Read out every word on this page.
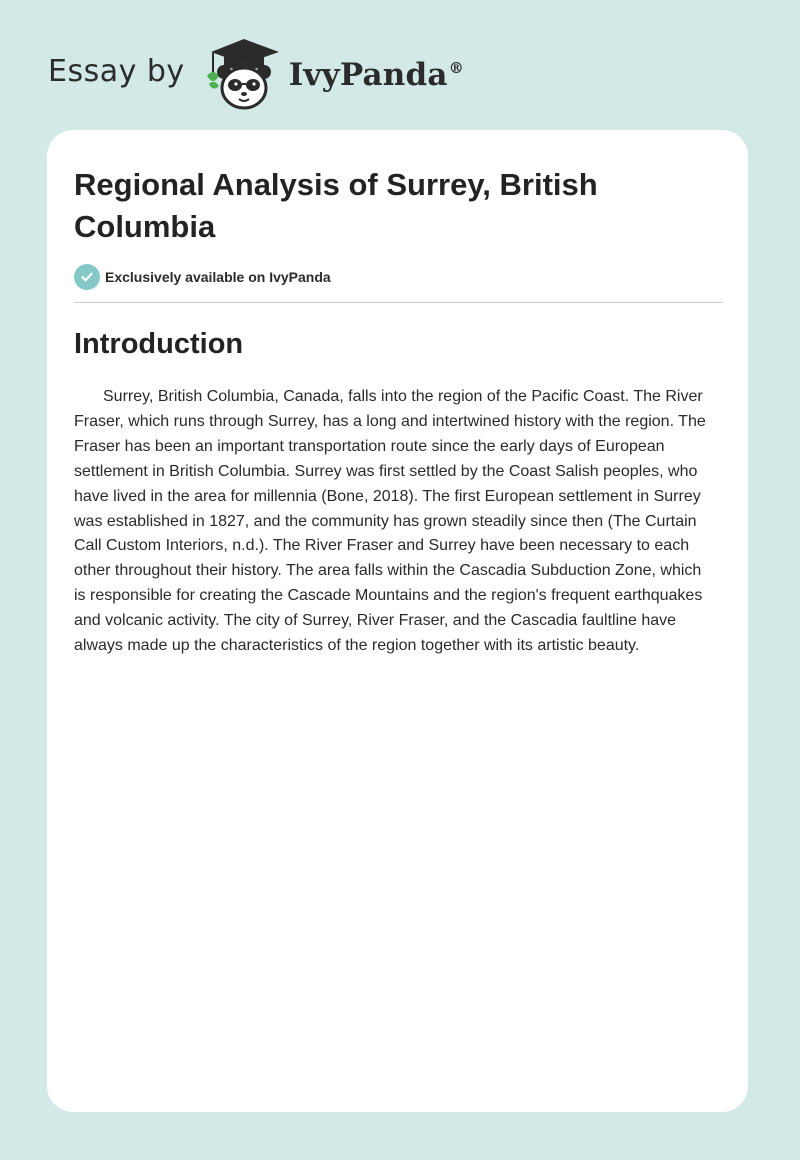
Essay by	IvyPanda®
Regional Analysis of Surrey, British Columbia
Exclusively available on IvyPanda
Introduction

Surrey, British Columbia, Canada, falls into the region of the Pacific Coast. The River Fraser, which runs through Surrey, has a long and intertwined history with the region. The Fraser has been an important transportation route since the early days of European settlement in British Columbia. Surrey was first settled by the Coast Salish peoples, who have lived in the area for millennia (Bone, 2018). The first European settlement in Surrey was established in 1827, and the community has grown steadily since then (The Curtain Call Custom Interiors, n.d.). The River Fraser and Surrey have been necessary to each other throughout their history. The area falls within the Cascadia Subduction Zone, which is responsible for creating the Cascade Mountains and the region's frequent earthquakes and volcanic activity. The city of Surrey, River Fraser, and the Cascadia faultline have always made up the characteristics of the region together with its artistic beauty.
